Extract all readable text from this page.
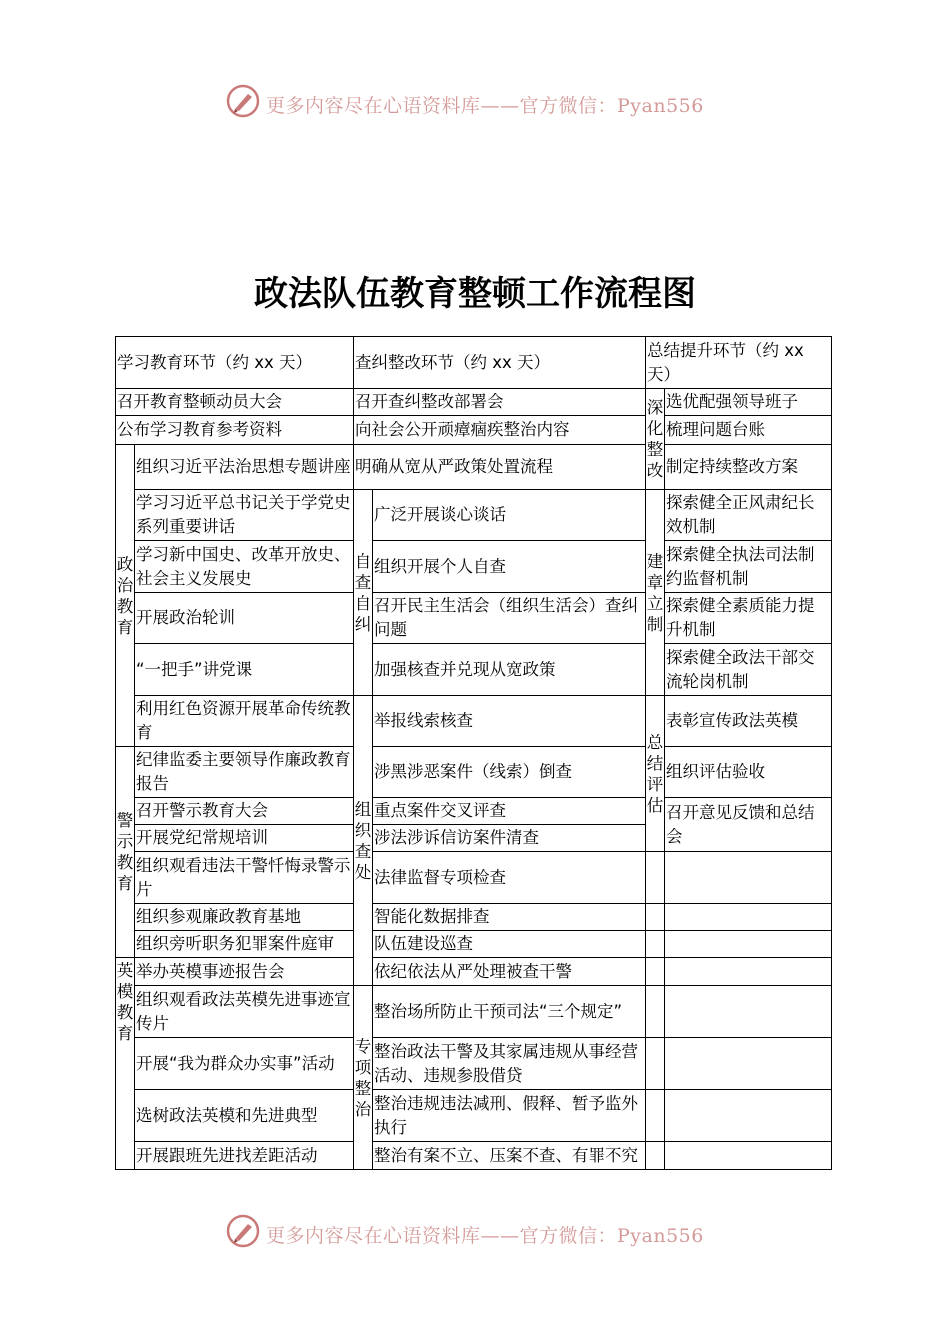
更多内容尽在心语资料库——官方微信：Pyan556
政法队伍教育整顿工作流程图
学习教育环节（约 xx 天）	查纠整改环节（约 xx 天）
总结提升环节（约 xx 天）
召开教育整顿动员大会
公布学习教育参考资料
政治教育
组织习近平法治思想专题讲座
学习习近平总书记关于学党史系列重要讲话
学习新中国史、改革开放史、社会主义发展史
开展政治轮训
“一把手”讲党课
利用红色资源开展革命传统教育
警示教育
纪律监委主要领导作廉政教育报告
召开警示教育大会
开展党纪常规培训
组织观看违法干警忏悔录警示片
组织参观廉政教育基地
组织旁听职务犯罪案件庭审
英模教育
举办英模事迹报告会
组织观看政法英模先进事迹宣传片
开展“我为群众办实事”活动
选树政法英模和先进典型
开展跟班先进找差距活动
召开查纠整改部署会
向社会公开顽瘴痼疾整治内容
明确从宽从严政策处置流程
自查自纠
广泛开展谈心谈话
组织开展个人自查
召开民主生活会（组织生活会）查纠问题
加强核查并兑现从宽政策
组织查处
举报线索核查
涉黑涉恶案件（线索）倒查
重点案件交叉评查
涉法涉诉信访案件清查
法律监督专项检查
智能化数据排查
队伍建设巡查
依纪依法从严处理被查干警
专项整治
整治场所防止干预司法“三个规定”
整治政法干警及其家属违规从事经营活动、违规参股借贷
整治违规违法减刑、假释、暂予监外执行
整治有案不立、压案不查、有罪不究
深化整改
选优配强领导班子
梳理问题台账
制定持续整改方案
建章立制
探索健全正风肃纪长效机制
探索健全执法司法制约监督机制
探索健全素质能力提升机制
探索健全政法干部交流轮岗机制
总结评估
表彰宣传政法英模
组织评估验收
召开意见反馈和总结会
更多内容尽在心语资料库——官方微信：Pyan556
